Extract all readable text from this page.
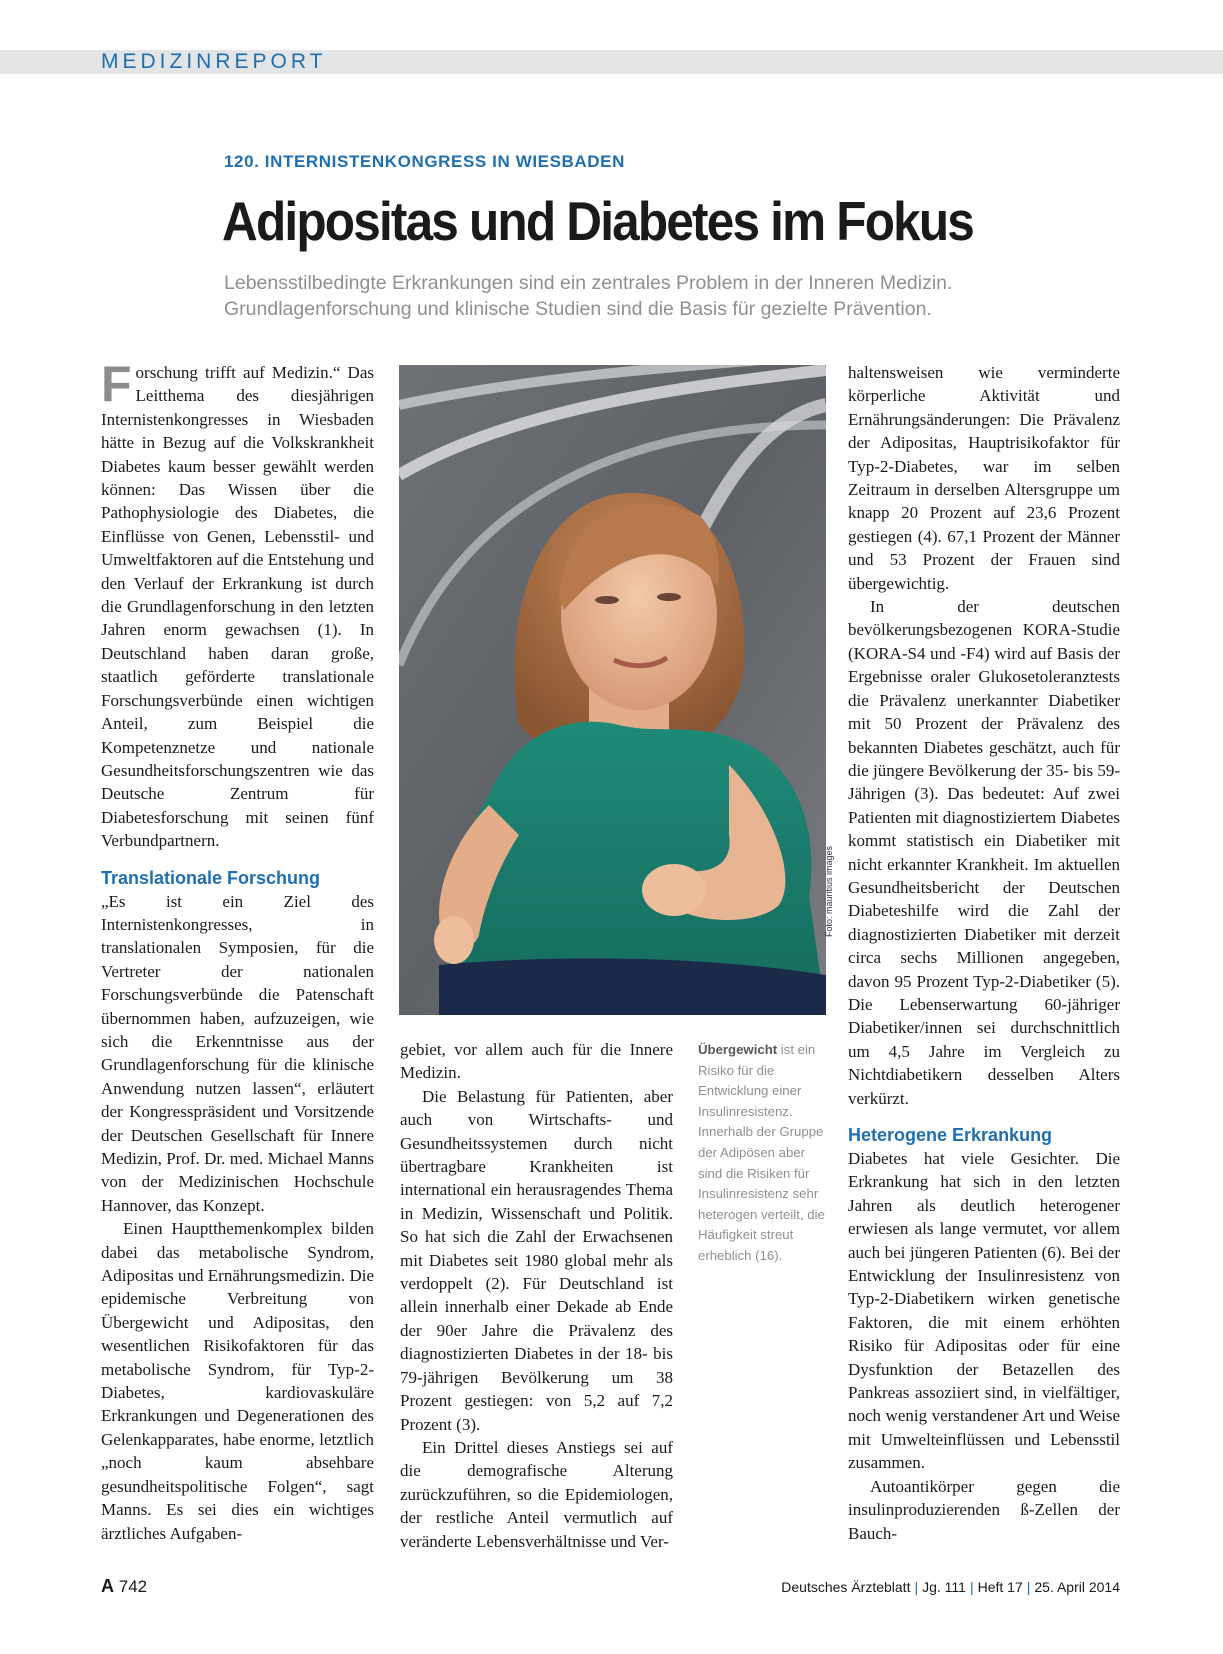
MEDIZINREPORT
120. INTERNISTENKONGRESS IN WIESBADEN
Adipositas und Diabetes im Fokus
Lebensstilbedingte Erkrankungen sind ein zentrales Problem in der Inneren Medizin. Grundlagenforschung und klinische Studien sind die Basis für gezielte Prävention.

Forschung trifft auf Medizin.“ Das Leitthema des diesjährigen Internistenkongresses in Wiesbaden hätte in Bezug auf die Volkskrankheit Diabetes kaum besser gewählt werden können: Das Wissen über die Pathophysiologie des Diabetes, die Einflüsse von Genen, Lebensstil- und Umweltfaktoren auf die Entstehung und den Verlauf der Erkrankung ist durch die Grundlagenforschung in den letzten Jahren enorm gewachsen (1). In Deutschland haben daran große, staatlich geförderte translationale Forschungsverbünde einen wichtigen Anteil, zum Beispiel die Kompetenznetze und nationale Gesundheitsforschungszentren wie das Deutsche Zentrum für Diabetesforschung mit seinen fünf Verbundpartnern.

Translationale Forschung

„Es ist ein Ziel des Internistenkongresses, in translationalen Symposien, für die Vertreter der nationalen Forschungsverbünde die Patenschaft übernommen haben, aufzuzeigen, wie sich die Erkenntnisse aus der Grundlagenforschung für die klinische Anwendung nutzen lassen“, erläutert der Kongresspräsident und Vorsitzende der Deutschen Gesellschaft für Innere Medizin, Prof. Dr. med. Michael Manns von der Medizinischen Hochschule Hannover, das Konzept.

Einen Hauptthemenkomplex bilden dabei das metabolische Syndrom, Adipositas und Ernährungsmedizin. Die epidemische Verbreitung von Übergewicht und Adipositas, den wesentlichen Risikofaktoren für das metabolische Syndrom, für Typ-2-Diabetes, kardiovaskuläre Erkrankungen und Degenerationen des Gelenkapparates, habe enorme, letztlich „noch kaum absehbare gesundheitspolitische Folgen“, sagt Manns. Es sei dies ein wichtiges ärztliches Aufgaben-

Foto: mauritius images

gebiet, vor allem auch für die Innere Medizin.

Die Belastung für Patienten, aber auch von Wirtschafts- und Gesundheitssystemen durch nicht übertragbare Krankheiten ist international ein herausragendes Thema in Medizin, Wissenschaft und Politik. So hat sich die Zahl der Erwachsenen mit Diabetes seit 1980 global mehr als verdoppelt (2). Für Deutschland ist allein innerhalb einer Dekade ab Ende der 90er Jahre die Prävalenz des diagnostizierten Diabetes in der 18- bis 79-jährigen Bevölkerung um 38 Prozent gestiegen: von 5,2 auf 7,2 Prozent (3).

Ein Drittel dieses Anstiegs sei auf die demografische Alterung zurückzuführen, so die Epidemiologen, der restliche Anteil vermutlich auf veränderte Lebensverhältnisse und Ver-

Übergewicht ist ein Risiko für die Entwicklung einer Insulinresistenz. Innerhalb der Gruppe der Adipösen aber sind die Risiken für Insulinresistenz sehr heterogen verteilt, die Häufigkeit streut erheblich (16).

haltensweisen wie verminderte körperliche Aktivität und Ernährungsänderungen: Die Prävalenz der Adipositas, Hauptrisikofaktor für Typ-2-Diabetes, war im selben Zeitraum in derselben Altersgruppe um knapp 20 Prozent auf 23,6 Prozent gestiegen (4). 67,1 Prozent der Männer und 53 Prozent der Frauen sind übergewichtig.

In der deutschen bevölkerungsbezogenen KORA-Studie (KORA-S4 und -F4) wird auf Basis der Ergebnisse oraler Glukosetoleranztests die Prävalenz unerkannter Diabetiker mit 50 Prozent der Prävalenz des bekannten Diabetes geschätzt, auch für die jüngere Bevölkerung der 35- bis 59-Jährigen (3). Das bedeutet: Auf zwei Patienten mit diagnostiziertem Diabetes kommt statistisch ein Diabetiker mit nicht erkannter Krankheit. Im aktuellen Gesundheitsbericht der Deutschen Diabeteshilfe wird die Zahl der diagnostizierten Diabetiker mit derzeit circa sechs Millionen angegeben, davon 95 Prozent Typ-2-Diabetiker (5). Die Lebenserwartung 60-jähriger Diabetiker/innen sei durchschnittlich um 4,5 Jahre im Vergleich zu Nichtdiabetikern desselben Alters verkürzt.

Heterogene Erkrankung

Diabetes hat viele Gesichter. Die Erkrankung hat sich in den letzten Jahren als deutlich heterogener erwiesen als lange vermutet, vor allem auch bei jüngeren Patienten (6). Bei der Entwicklung der Insulinresistenz von Typ-2-Diabetikern wirken genetische Faktoren, die mit einem erhöhten Risiko für Adipositas oder für eine Dysfunktion der Betazellen des Pankreas assoziiert sind, in vielfältiger, noch wenig verstandener Art und Weise mit Umwelteinflüssen und Lebensstil zusammen.

Autoantikörper gegen die insulinproduzierenden ß-Zellen der Bauch-

A 742	Deutsches Ärzteblatt | Jg. 111 | Heft 17 | 25. April 2014
